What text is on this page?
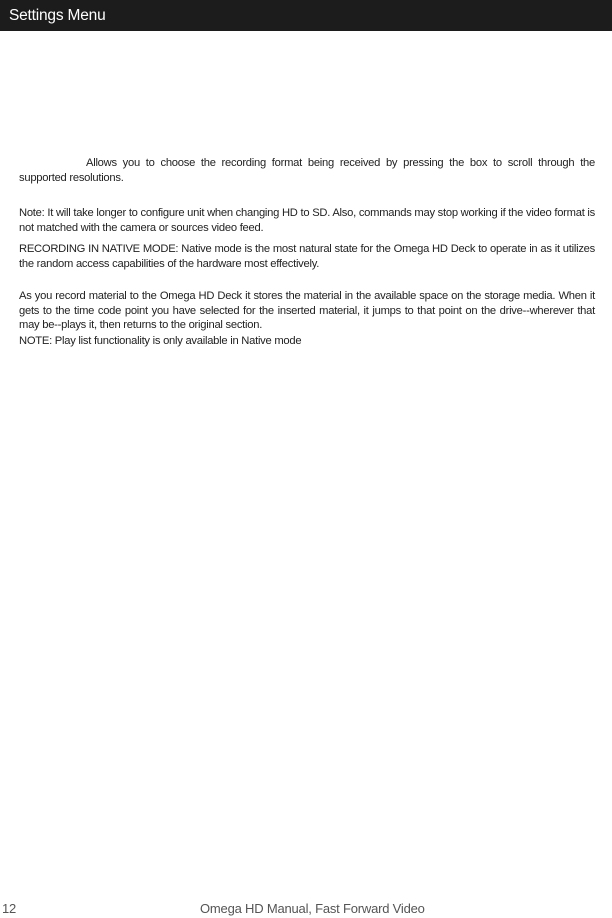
Settings Menu

Allows you to choose the recording format being received by pressing the box to scroll through the supported resolutions.

Note: It will take longer to configure unit when changing HD to SD. Also, commands may stop working if the video format is not matched with the camera or sources video feed.

RECORDING IN NATIVE MODE: Native mode is the most natural state for the Omega HD Deck to operate in as it utilizes the random access capabilities of the hardware most effectively.

As you record material to the Omega HD Deck it stores the material in the available space on the storage media. When it gets to the time code point you have selected for the inserted material, it jumps to that point on the drive--wherever that may be--plays it, then returns to the original section.

NOTE: Play list functionality is only available in Native mode

12	Omega HD Manual, Fast Forward Video
